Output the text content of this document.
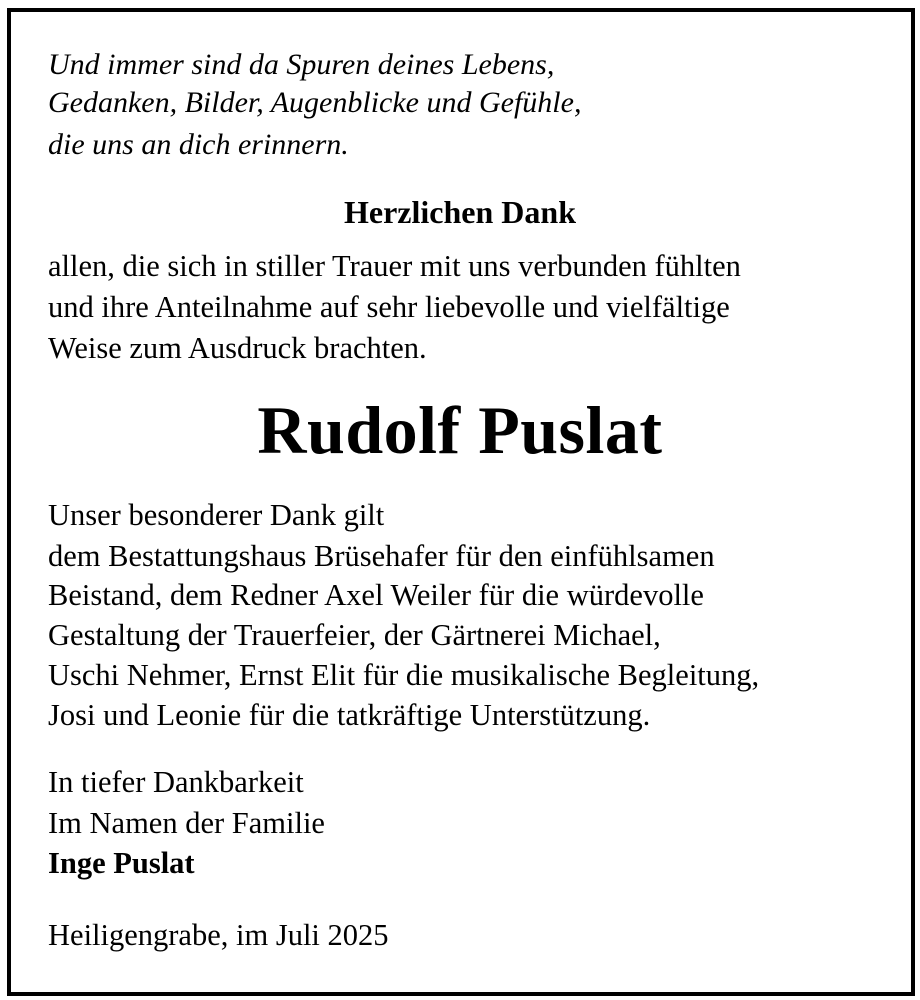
Und immer sind da Spuren deines Lebens,
Gedanken, Bilder, Augenblicke und Gefühle,
die uns an dich erinnern.
Herzlichen Dank
allen, die sich in stiller Trauer mit uns verbunden fühlten
und ihre Anteilnahme auf sehr liebevolle und vielfältige
Weise zum Ausdruck brachten.
Rudolf Puslat
Unser besonderer Dank gilt
dem Bestattungshaus Brüsehafer für den einfühlsamen
Beistand, dem Redner Axel Weiler für die würdevolle
Gestaltung der Trauerfeier, der Gärtnerei Michael,
Uschi Nehmer, Ernst Elit für die musikalische Begleitung,
Josi und Leonie für die tatkräftige Unterstützung.
In tiefer Dankbarkeit
Im Namen der Familie
Inge Puslat
Heiligengrabe, im Juli 2025
